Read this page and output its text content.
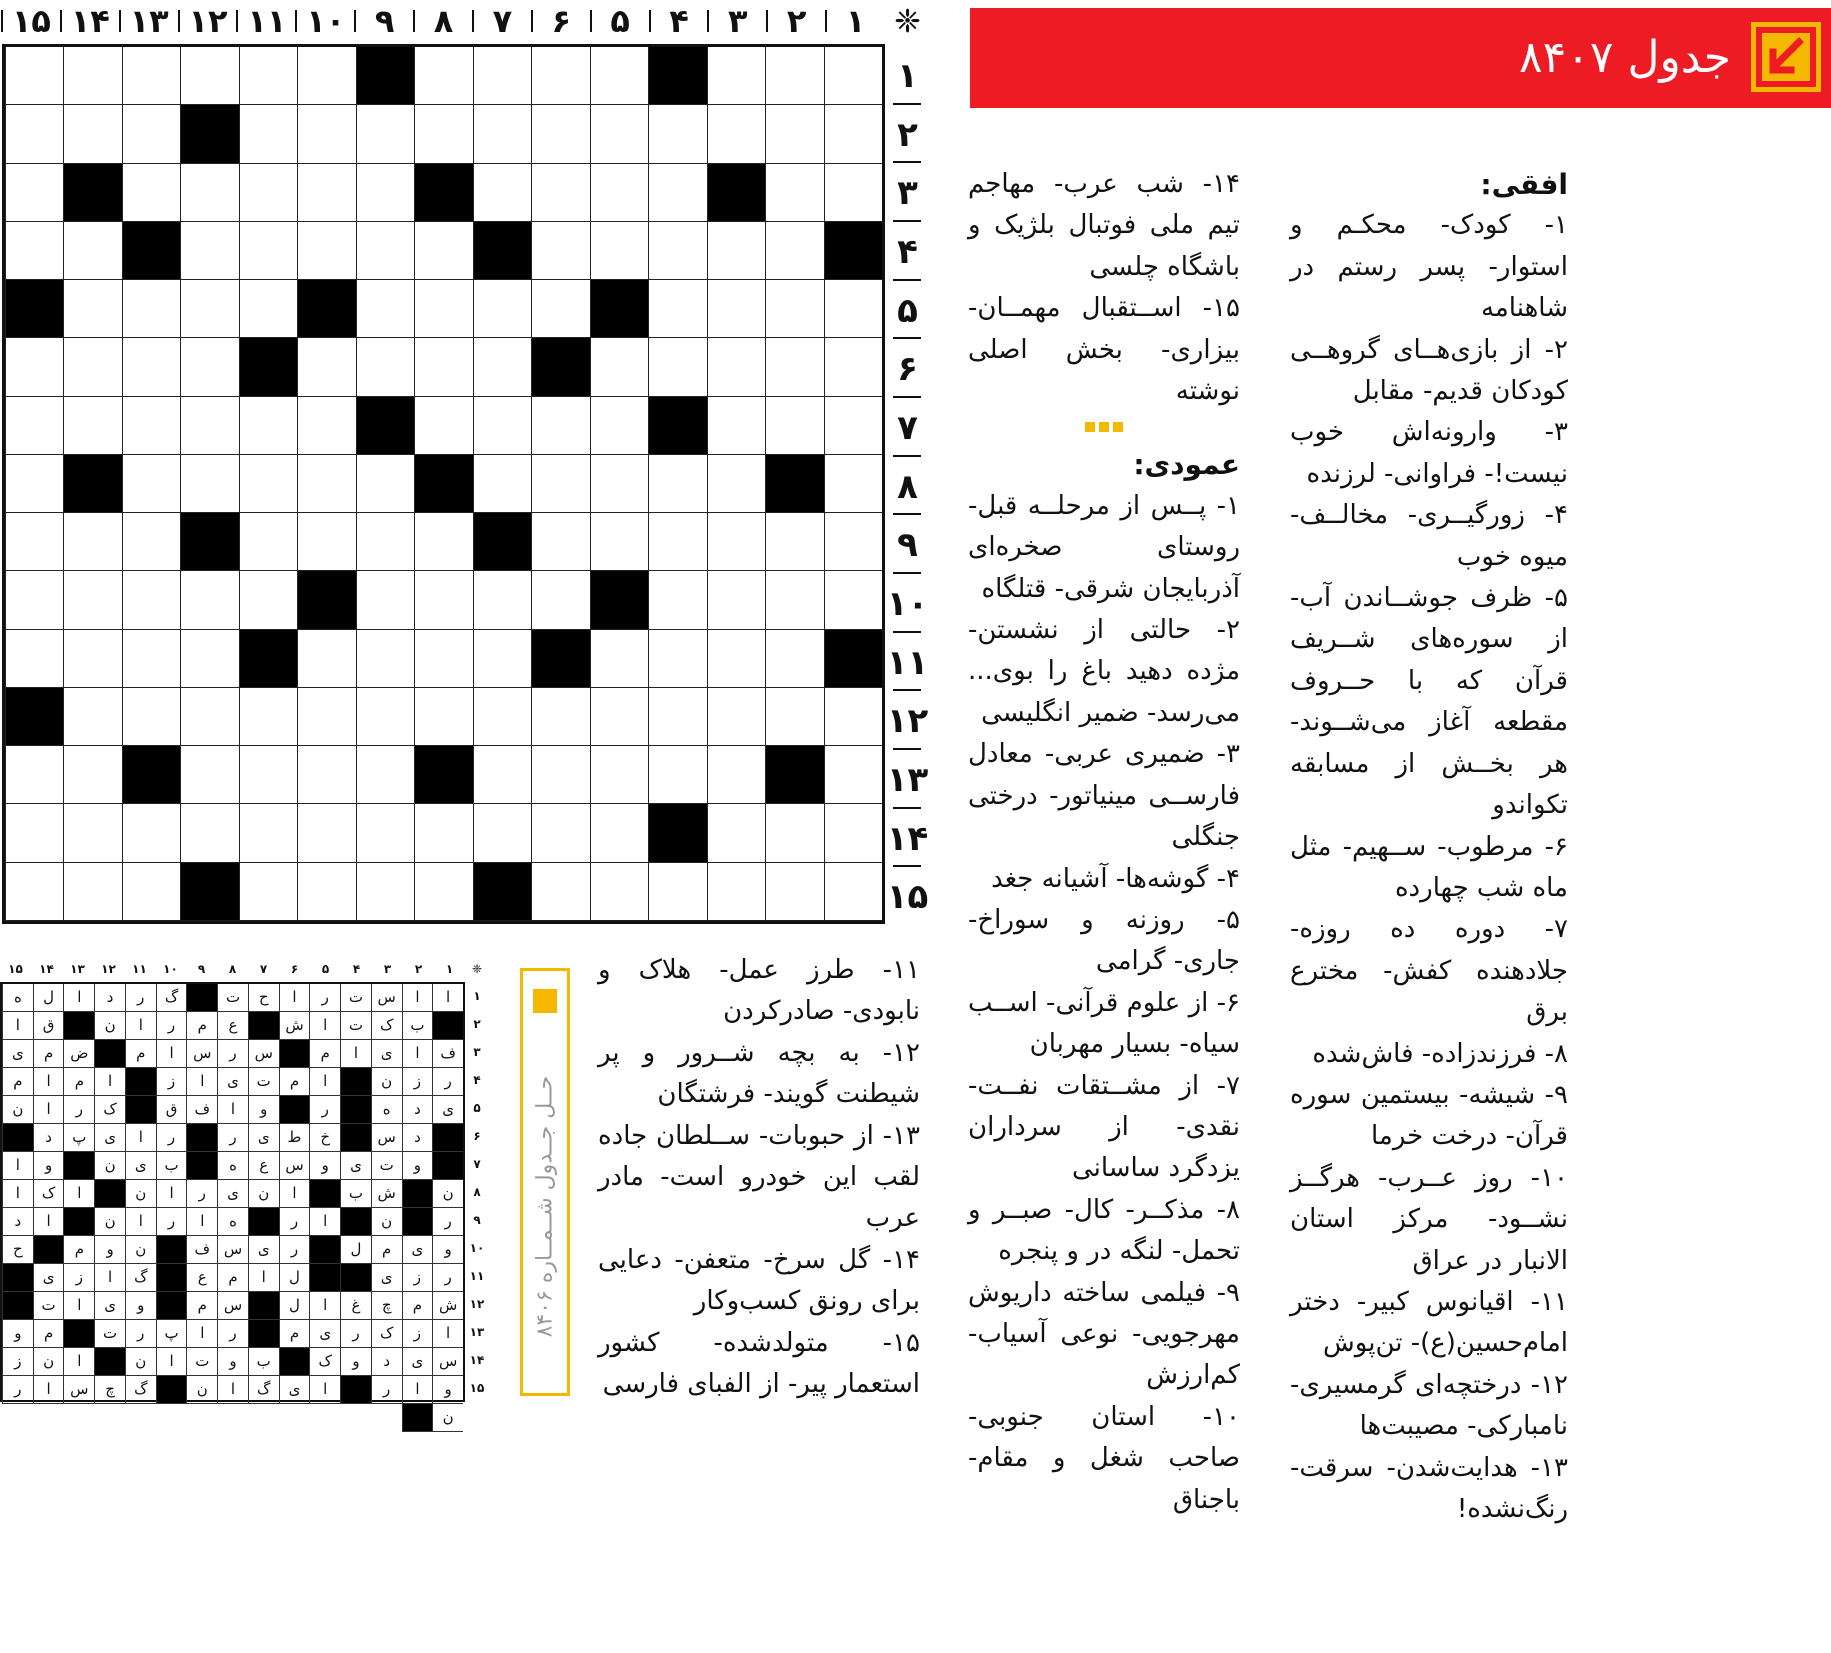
❈
۱
۲
۳
۴
۵
۶
۷
۸
۹
۱۰
۱۱
۱۲
۱۳
۱۴
۱۵
۱
۲
۳
۴
۵
۶
۷
۸
۹
۱۰
۱۱
۱۲
۱۳
۱۴
۱۵
جدول ۸۴۰۷
افقی:

۱- کودک- محکـم و استوار- پسر رستم در شاهنامه

۲- از بازی‌هــای گروهــی کودکان قدیم- مقابل

۳- وارونه‌اش خوب نیست!- فراوانی- لرزنده

۴- زورگیــری- مخالــف- میوه خوب

۵- ظرف جوشــاندن آب- از سوره‌های شــریف قرآن که با حــروف مقطعه آغاز می‌شــوند- هر بخــش از مسابقه تکواندو

۶- مرطوب- ســهیم- مثل ماه شب چهارده

۷- دوره ده روزه- جلاد‌هنده کفش- مخترع برق

۸- فرزندزاده- فاش‌شده

۹- شیشه- بیستمین سوره قرآن- درخت خرما

۱۰- روز عــرب- هرگــز نشــود- مرکز استان الانبار در عراق

۱۱- اقیانوس کبیر- دختر امام‌حسین(ع)- تن‌پوش

۱۲- درختچه‌ای گرمسیری- نامبارکی- مصیبت‌ها

۱۳- هدایت‌شدن- سرقت- رنگ‌نشده!

۱۴- شب عرب- مهاجم تیم ملی فوتبال بلژیک و باشگاه چلسی

۱۵- اســتقبال مهمــان- بیزاری- بخش اصلی نوشته

عمودی:

۱- پــس از مرحلــه قبل- روستای صخره‌ای آذربایجان شرقی- قتلگاه

۲- حالتی از نشستن- مژده دهید باغ را بوی... می‌رسد- ضمیر انگلیسی

۳- ضمیری عربی- معادل فارســی مینیاتور- درختی جنگلی

۴- گوشه‌ها- آشیانه جغد

۵- روزنه و سوراخ- جاری- گرامی

۶- از علوم قرآنی- اســب سیاه- بسیار مهربان

۷- از مشــتقات نفــت- نقدی- از سرداران یزدگرد ساسانی

۸- مذکــر- کال- صبــر و تحمل- لنگه در و پنجره

۹- فیلمی ساخته داریوش مهرجویی- نوعی آسیاب- کم‌ارزش

۱۰- استان جنوبی- صاحب شغل و مقام- باجناق

۱۱- طرز عمل- هلاک و نابودی- صادرکردن

۱۲- به بچه شــرور و پر شیطنت گویند- فرشتگان

۱۳- از حبوبات- ســلطان جاده لقب این خودرو است- مادر عرب

۱۴- گل سرخ- متعفن- دعایی برای رونق کسب‌وکار

۱۵- متولدشده- کشور استعمار پیر- از الفبای فارسی

حــل جــدول شــمــاره ۸۴۰۶
❈
۱
۲
۳
۴
۵
۶
۷
۸
۹
۱۰
۱۱
۱۲
۱۳
۱۴
۱۵
ا
ا
س
ت
ر
ا
ح
ت
گ
ر
د
ا
ل
ه
ب
ک
ت
ا
ش
ع
م
ر
ا
ن
ق
ا
ف
ا
ی
ا
م
س
ر
س
ا
م
ض
م
ی
ر
ز
ن
ا
م
ت
ی
ا
ز
ا
م
ا
م
ی
د
ه
ر
و
ا
ف
ق
ک
ر
ا
ن
د
س
خ
ط
ی
ر
ر
ا
ی
پ
د
و
ت
ی
و
س
ع
ه
ب
ی
ن
و
ا
ن
ش
ب
ا
ن
ی
ر
ا
ن
ا
ک
ا
ر
ن
ا
ر
ه
ا
ر
ا
ن
ا
د
و
ی
م
ل
ر
ی
س
ف
ن
و
م
ح
ر
ز
ی
ل
ا
م
ع
گ
ا
ز
ی
ش
م
چ
غ
ا
ل
س
م
و
ی
ا
ت
ا
ز
ک
ر
ی
م
ر
ا
پ
ر
ت
م
و
س
ی
د
و
ک
ب
و
ت
ا
ن
ا
ن
ز
و
ا
ر
ا
ی
گ
ا
ن
گ
چ
س
ا
ر
ن
۱
۲
۳
۴
۵
۶
۷
۸
۹
۱۰
۱۱
۱۲
۱۳
۱۴
۱۵
